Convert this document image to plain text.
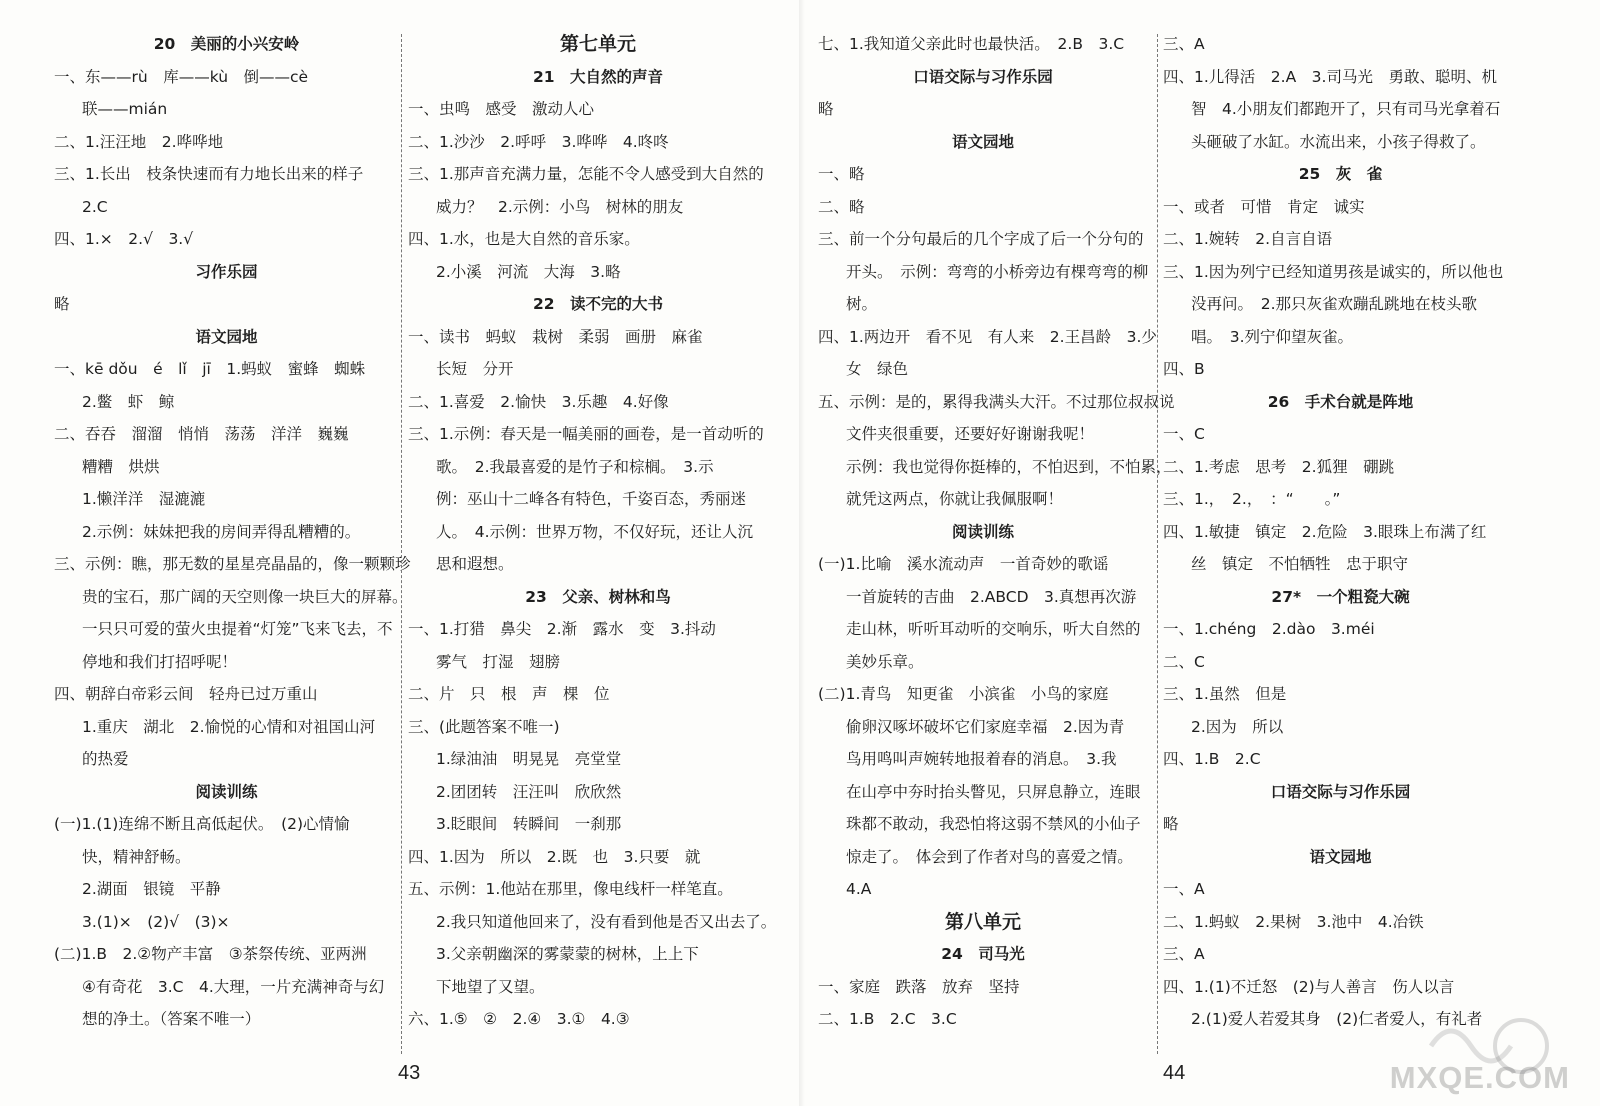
20　美丽的小兴安岭
一、东——rù　库——kù　倒——cè
联——mián
二、1.汪汪地　2.哗哗地
三、1.长出　枝条快速而有力地长出来的样子
2.C
四、1.×　2.√　3.√
习作乐园
略
语文园地
一、kē dǒu　é　lǐ　jī　1.蚂蚁　蜜蜂　蜘蛛
2.鳖　虾　鲸
二、吞吞　溜溜　悄悄　荡荡　洋洋　巍巍
糟糟　烘烘
1.懒洋洋　湿漉漉
2.示例：妹妹把我的房间弄得乱糟糟的。
三、示例：瞧，那无数的星星亮晶晶的，像一颗颗珍
贵的宝石，那广阔的天空则像一块巨大的屏幕。
一只只可爱的萤火虫提着“灯笼”飞来飞去，不
停地和我们打招呼呢！
四、朝辞白帝彩云间　轻舟已过万重山
1.重庆　湖北　2.愉悦的心情和对祖国山河
的热爱
阅读训练
(一)1.(1)连绵不断且高低起伏。　(2)心情愉
快，精神舒畅。
2.湖面　银镜　平静
3.(1)×　(2)√　(3)×
(二)1.B　2.②物产丰富　③茶祭传统、亚两洲
④有奇花　3.C　4.大理，一片充满神奇与幻
想的净土。（答案不唯一）
第七单元
21　大自然的声音
一、虫鸣　感受　激动人心
二、1.沙沙　2.呼呼　3.哗哗　4.咚咚
三、1.那声音充满力量，怎能不令人感受到大自然的
威力？　2.示例：小鸟　树林的朋友
四、1.水，也是大自然的音乐家。
2.小溪　河流　大海　3.略
22　读不完的大书
一、读书　蚂蚁　栽树　柔弱　画册　麻雀
长短　分开
二、1.喜爱　2.愉快　3.乐趣　4.好像
三、1.示例：春天是一幅美丽的画卷，是一首动听的
歌。　2.我最喜爱的是竹子和棕榈。　3.示
例：巫山十二峰各有特色，千姿百态，秀丽迷
人。　4.示例：世界万物，不仅好玩，还让人沉
思和遐想。
23　父亲、树林和鸟
一、1.打猎　鼻尖　2.渐　露水　变　3.抖动
雾气　打湿　翅膀
二、片　只　根　声　棵　位
三、(此题答案不唯一)
1.绿油油　明晃晃　亮堂堂
2.团团转　汪汪叫　欣欣然
3.眨眼间　转瞬间　一刹那
四、1.因为　所以　2.既　也　3.只要　就
五、示例：1.他站在那里，像电线杆一样笔直。
2.我只知道他回来了，没有看到他是否又出去了。
3.父亲朝幽深的雾蒙蒙的树林，上上下
下地望了又望。
六、1.⑤　②　2.④　3.①　4.③
七、1.我知道父亲此时也最快活。　2.B　3.C
口语交际与习作乐园
略
语文园地
一、略
二、略
三、前一个分句最后的几个字成了后一个分句的
开头。　示例：弯弯的小桥旁边有棵弯弯的柳
树。
四、1.两边开　看不见　有人来　2.王昌龄　3.少
女　绿色
五、示例：是的，累得我满头大汗。不过那位叔叔说
文件夹很重要，还要好好谢谢我呢！
示例：我也觉得你挺棒的，不怕迟到，不怕累，
就凭这两点，你就让我佩服啊！
阅读训练
(一)1.比喻　溪水流动声　一首奇妙的歌谣
一首旋转的吉曲　2.ABCD　3.真想再次游
走山林，听听耳动听的交响乐，听大自然的
美妙乐章。
(二)1.青鸟　知更雀　小滨雀　小鸟的家庭
偷卵汉啄坏破坏它们家庭幸福　2.因为青
鸟用鸣叫声婉转地报着春的消息。　3.我
在山亭中夯时抬头瞥见，只屏息静立，连眼
珠都不敢动，我恐怕将这弱不禁风的小仙子
惊走了。　体会到了作者对鸟的喜爱之情。
4.A
第八单元
24　司马光
一、家庭　跌落　放弃　坚持
二、1.B　2.C　3.C
三、A
四、1.儿得活　2.A　3.司马光　勇敢、聪明、机
智　4.小朋友们都跑开了，只有司马光拿着石
头砸破了水缸。水流出来，小孩子得救了。
25　灰　雀
一、或者　可惜　肯定　诚实
二、1.婉转　2.自言自语
三、1.因为列宁已经知道男孩是诚实的，所以他也
没再问。　2.那只灰雀欢蹦乱跳地在枝头歌
唱。　3.列宁仰望灰雀。
四、B
26　手术台就是阵地
一、C
二、1.考虑　思考　2.狐狸　硼跳
三、1.，　2.，　：“　　。”
四、1.敏捷　镇定　2.危险　3.眼珠上布满了红
丝　镇定　不怕牺牲　忠于职守
27*　一个粗瓷大碗
一、1.chéng　2.dào　3.méi
二、C
三、1.虽然　但是
2.因为　所以
四、1.B　2.C
口语交际与习作乐园
略
语文园地
一、A
二、1.蚂蚁　2.果树　3.池中　4.冶铁
三、A
四、1.(1)不迁怒　(2)与人善言　伤人以言
2.(1)爱人若爱其身　(2)仁者爱人，有礼者
43	44	MXQE.COM
